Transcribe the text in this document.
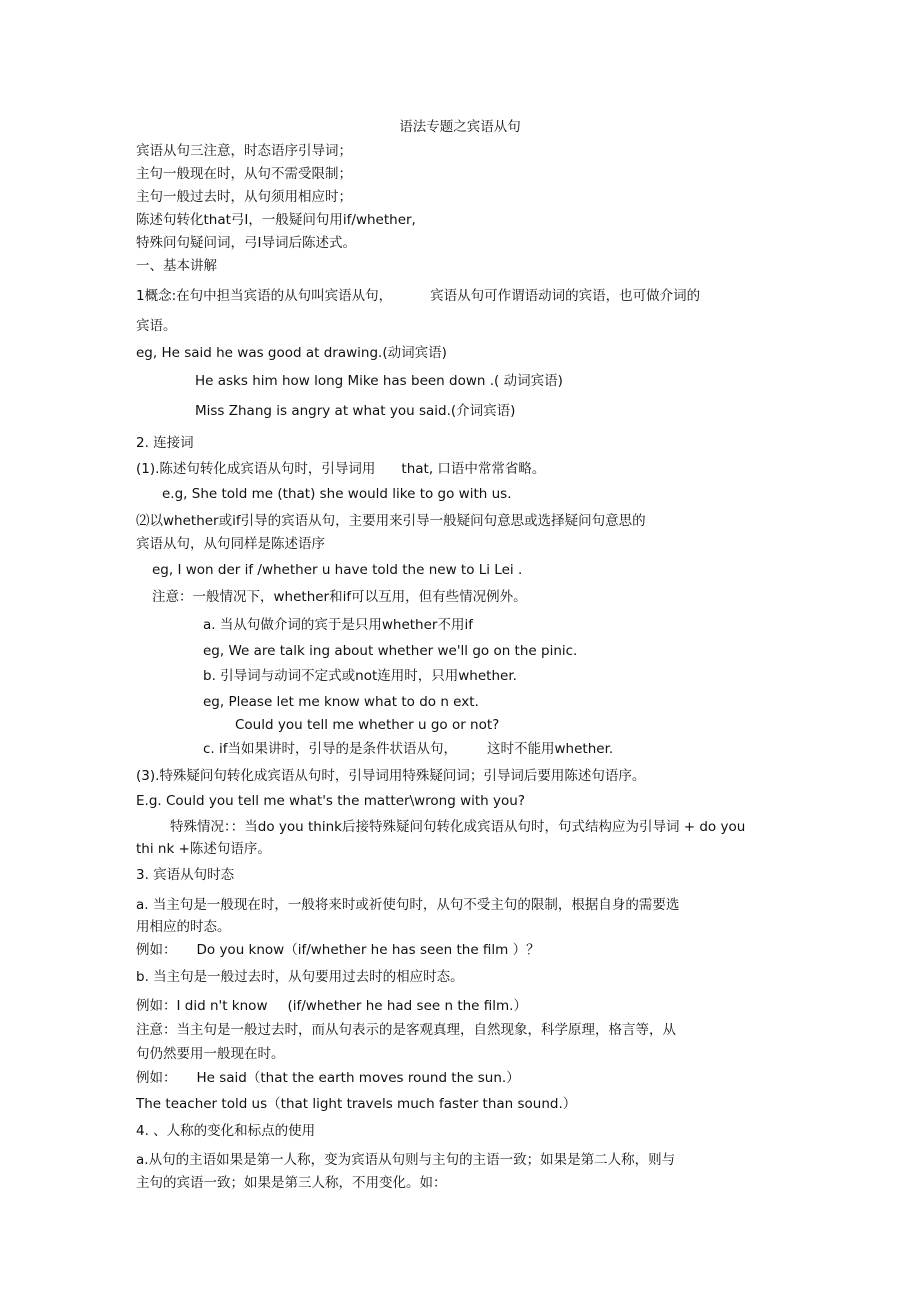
语法专题之宾语从句
宾语从句三注意，时态语序引导词；
主句一般现在时，从句不需受限制；
主句一般过去时，从句须用相应时；
陈述句转化that弓I，一般疑问句用if/whether,
特殊问句疑问词，弓I导词后陈述式。
一、基本讲解
1概念:在句中担当宾语的从句叫宾语从句，	宾语从句可作谓语动词的宾语，也可做介词的
宾语。
eg, He said he was good at drawing.(动词宾语)
He asks him how long Mike has been down .( 动词宾语)
Miss Zhang is angry at what you said.(介词宾语)
2. 连接词
(1).陈述句转化成宾语从句时，引导词用 that, 口语中常常省略。
e.g, She told me (that) she would like to go with us.
⑵以whether或if引导的宾语从句，主要用来引导一般疑问句意思或选择疑问句意思的
宾语从句，从句同样是陈述语序
eg, I won der if /whether u have told the new to Li Lei .
注意：一般情况下，whether和if可以互用，但有些情况例外。
a. 当从句做介词的宾于是只用whether不用if
eg, We are talk ing about whether we'll go on the pinic.
b. 引导词与动词不定式或not连用时，只用whether.
eg, Please let me know what to do n ext.
Could you tell me whether u go or not?
c. if当如果讲时，引导的是条件状语从句， 这时不能用whether.
(3).特殊疑问句转化成宾语从句时，引导词用特殊疑问词；引导词后要用陈述句语序。
E.g. Could you tell me what's the matter\wrong with you?
特殊情况：：当do you think后接特殊疑问句转化成宾语从句时，句式结构应为引导词 + do you
thi nk +陈述句语序。
3. 宾语从句时态
a. 当主句是一般现在时，一般将来时或祈使句时，从句不受主句的限制，根据自身的需要选
用相应的时态。
例如： Do you know（if/whether he has seen the film ）？
b. 当主句是一般过去时，从句要用过去时的相应时态。
例如：I did n't know (if/whether he had see n the film.）
注意：当主句是一般过去时，而从句表示的是客观真理，自然现象，科学原理，格言等，从
句仍然要用一般现在时。
例如： He said（that the earth moves round the sun.）
The teacher told us（that light travels much faster than sound.）
4. 、人称的变化和标点的使用
a.从句的主语如果是第一人称，变为宾语从句则与主句的主语一致；如果是第二人称，则与
主句的宾语一致；如果是第三人称，不用变化。如：
